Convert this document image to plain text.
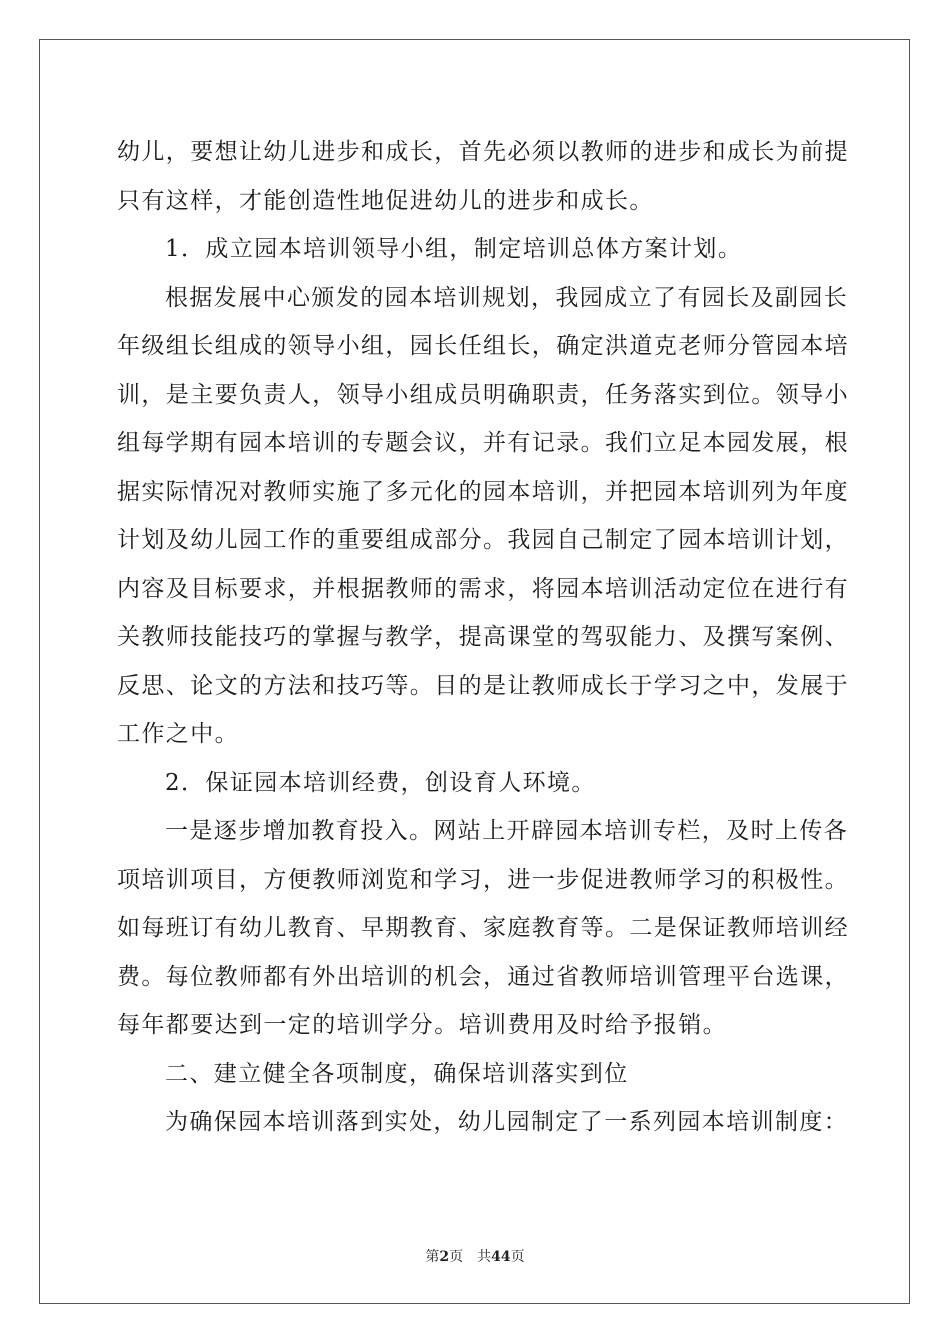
幼儿，要想让幼儿进步和成长，首先必须以教师的进步和成长为前提
只有这样，才能创造性地促进幼儿的进步和成长。
1．成立园本培训领导小组，制定培训总体方案计划。
根据发展中心颁发的园本培训规划，我园成立了有园长及副园长
年级组长组成的领导小组，园长任组长，确定洪道克老师分管园本培
训，是主要负责人，领导小组成员明确职责，任务落实到位。领导小
组每学期有园本培训的专题会议，并有记录。我们立足本园发展，根
据实际情况对教师实施了多元化的园本培训，并把园本培训列为年度
计划及幼儿园工作的重要组成部分。我园自己制定了园本培训计划，
内容及目标要求，并根据教师的需求，将园本培训活动定位在进行有
关教师技能技巧的掌握与教学，提高课堂的驾驭能力、及撰写案例、
反思、论文的方法和技巧等。目的是让教师成长于学习之中，发展于
工作之中。
2．保证园本培训经费，创设育人环境。
一是逐步增加教育投入。网站上开辟园本培训专栏，及时上传各
项培训项目，方便教师浏览和学习，进一步促进教师学习的积极性。
如每班订有幼儿教育、早期教育、家庭教育等。二是保证教师培训经
费。每位教师都有外出培训的机会，通过省教师培训管理平台选课，
每年都要达到一定的培训学分。培训费用及时给予报销。
二、建立健全各项制度，确保培训落实到位
为确保园本培训落到实处，幼儿园制定了一系列园本培训制度：
第2页 共44页
